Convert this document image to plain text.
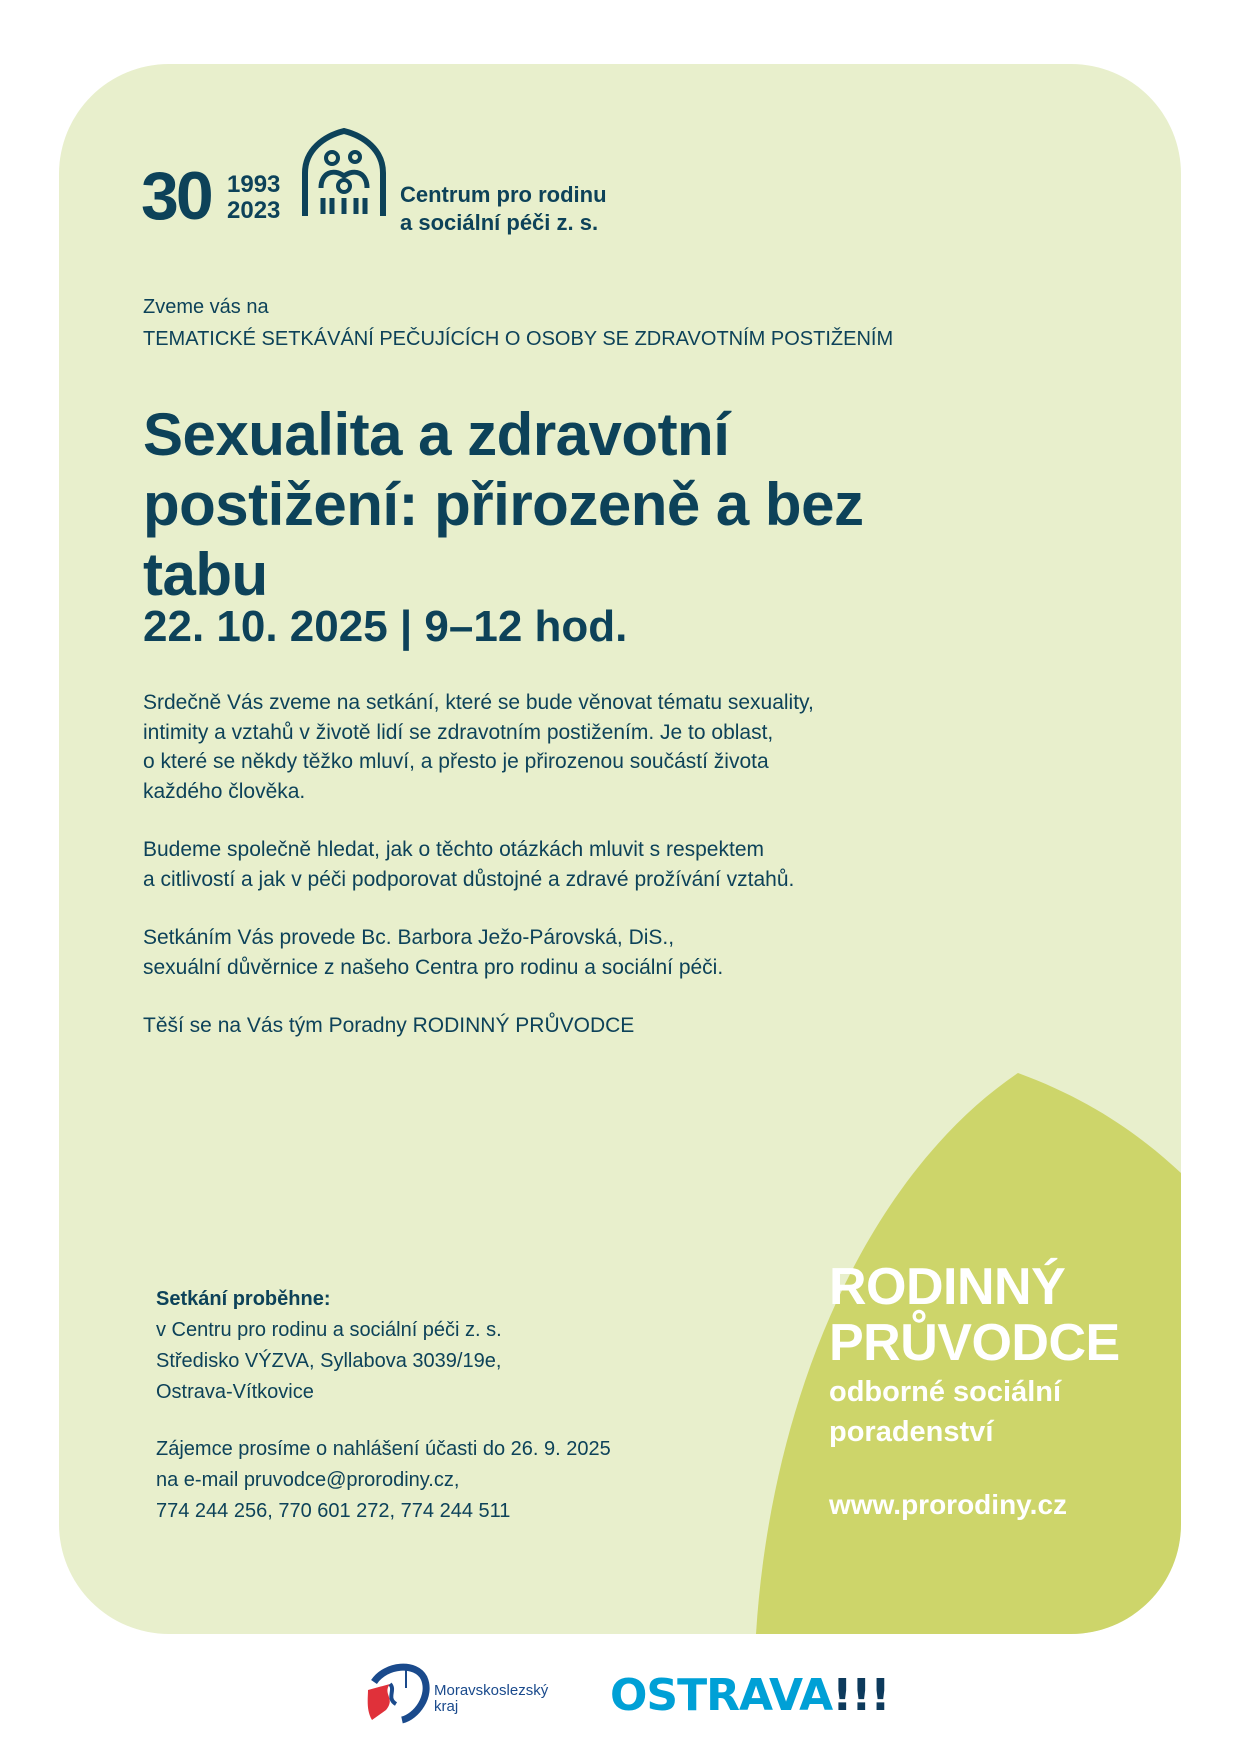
30 1993
2023
Centrum pro rodinu
a sociální péči z. s.
Zveme vás na
TEMATICKÉ SETKÁVÁNÍ PEČUJÍCÍCH O OSOBY SE ZDRAVOTNÍM POSTIŽENÍM
Sexualita a zdravotní
postižení: přirozeně a bez
tabu
22. 10. 2025 | 9–12 hod.

Srdečně Vás zveme na setkání, které se bude věnovat tématu sexuality,
intimity a vztahů v životě lidí se zdravotním postižením. Je to oblast,
o které se někdy těžko mluví, a přesto je přirozenou součástí života
každého člověka.

Budeme společně hledat, jak o těchto otázkách mluvit s respektem
a citlivostí a jak v péči podporovat důstojné a zdravé prožívání vztahů.

Setkáním Vás provede Bc. Barbora Ježo-Párovská, DiS.,
sexuální důvěrnice z našeho Centra pro rodinu a sociální péči.

Těší se na Vás tým Poradny RODINNÝ PRŮVODCE

Setkání proběhne:
v Centru pro rodinu a sociální péči z. s.
Středisko VÝZVA, Syllabova 3039/19e,
Ostrava-Vítkovice
Zájemce prosíme o nahlášení účasti do 26. 9. 2025
na e-mail pruvodce@prorodiny.cz,
774 244 256, 770 601 272, 774 244 511
RODINNÝ
PRŮVODCE
odborné sociální
poradenství
www.prorodiny.cz
Moravskoslezský
kraj	OSTRAVA!!!
